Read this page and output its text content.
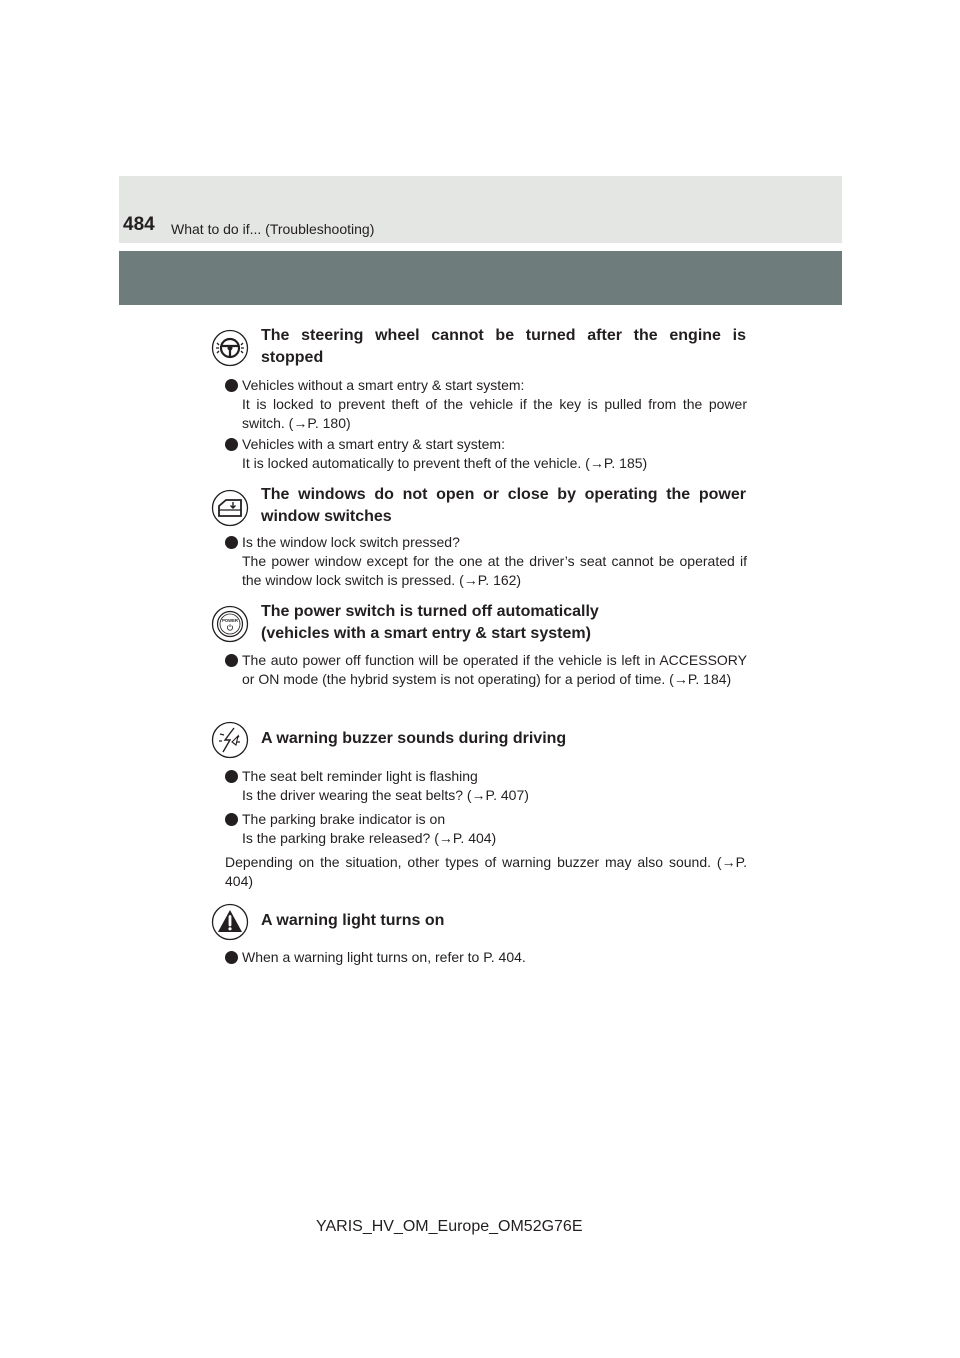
484 What to do if... (Troubleshooting)
The steering wheel cannot be turned after the engine is stopped
Vehicles without a smart entry & start system:
It is locked to prevent theft of the vehicle if the key is pulled from the power switch. (→P. 180)
Vehicles with a smart entry & start system:
It is locked automatically to prevent theft of the vehicle. (→P. 185)
The windows do not open or close by operating the power window switches
Is the window lock switch pressed?
The power window except for the one at the driver’s seat cannot be operated if the window lock switch is pressed. (→P. 162)
POWER
The power switch is turned off automatically
(vehicles with a smart entry & start system)
The auto power off function will be operated if the vehicle is left in ACCESSORY or ON mode (the hybrid system is not operating) for a period of time. (→P. 184)
A warning buzzer sounds during driving
The seat belt reminder light is flashing
Is the driver wearing the seat belts? (→P. 407)
The parking brake indicator is on
Is the parking brake released? (→P. 404)
Depending on the situation, other types of warning buzzer may also sound. (→P. 404)
A warning light turns on
When a warning light turns on, refer to P. 404.
YARIS_HV_OM_Europe_OM52G76E
